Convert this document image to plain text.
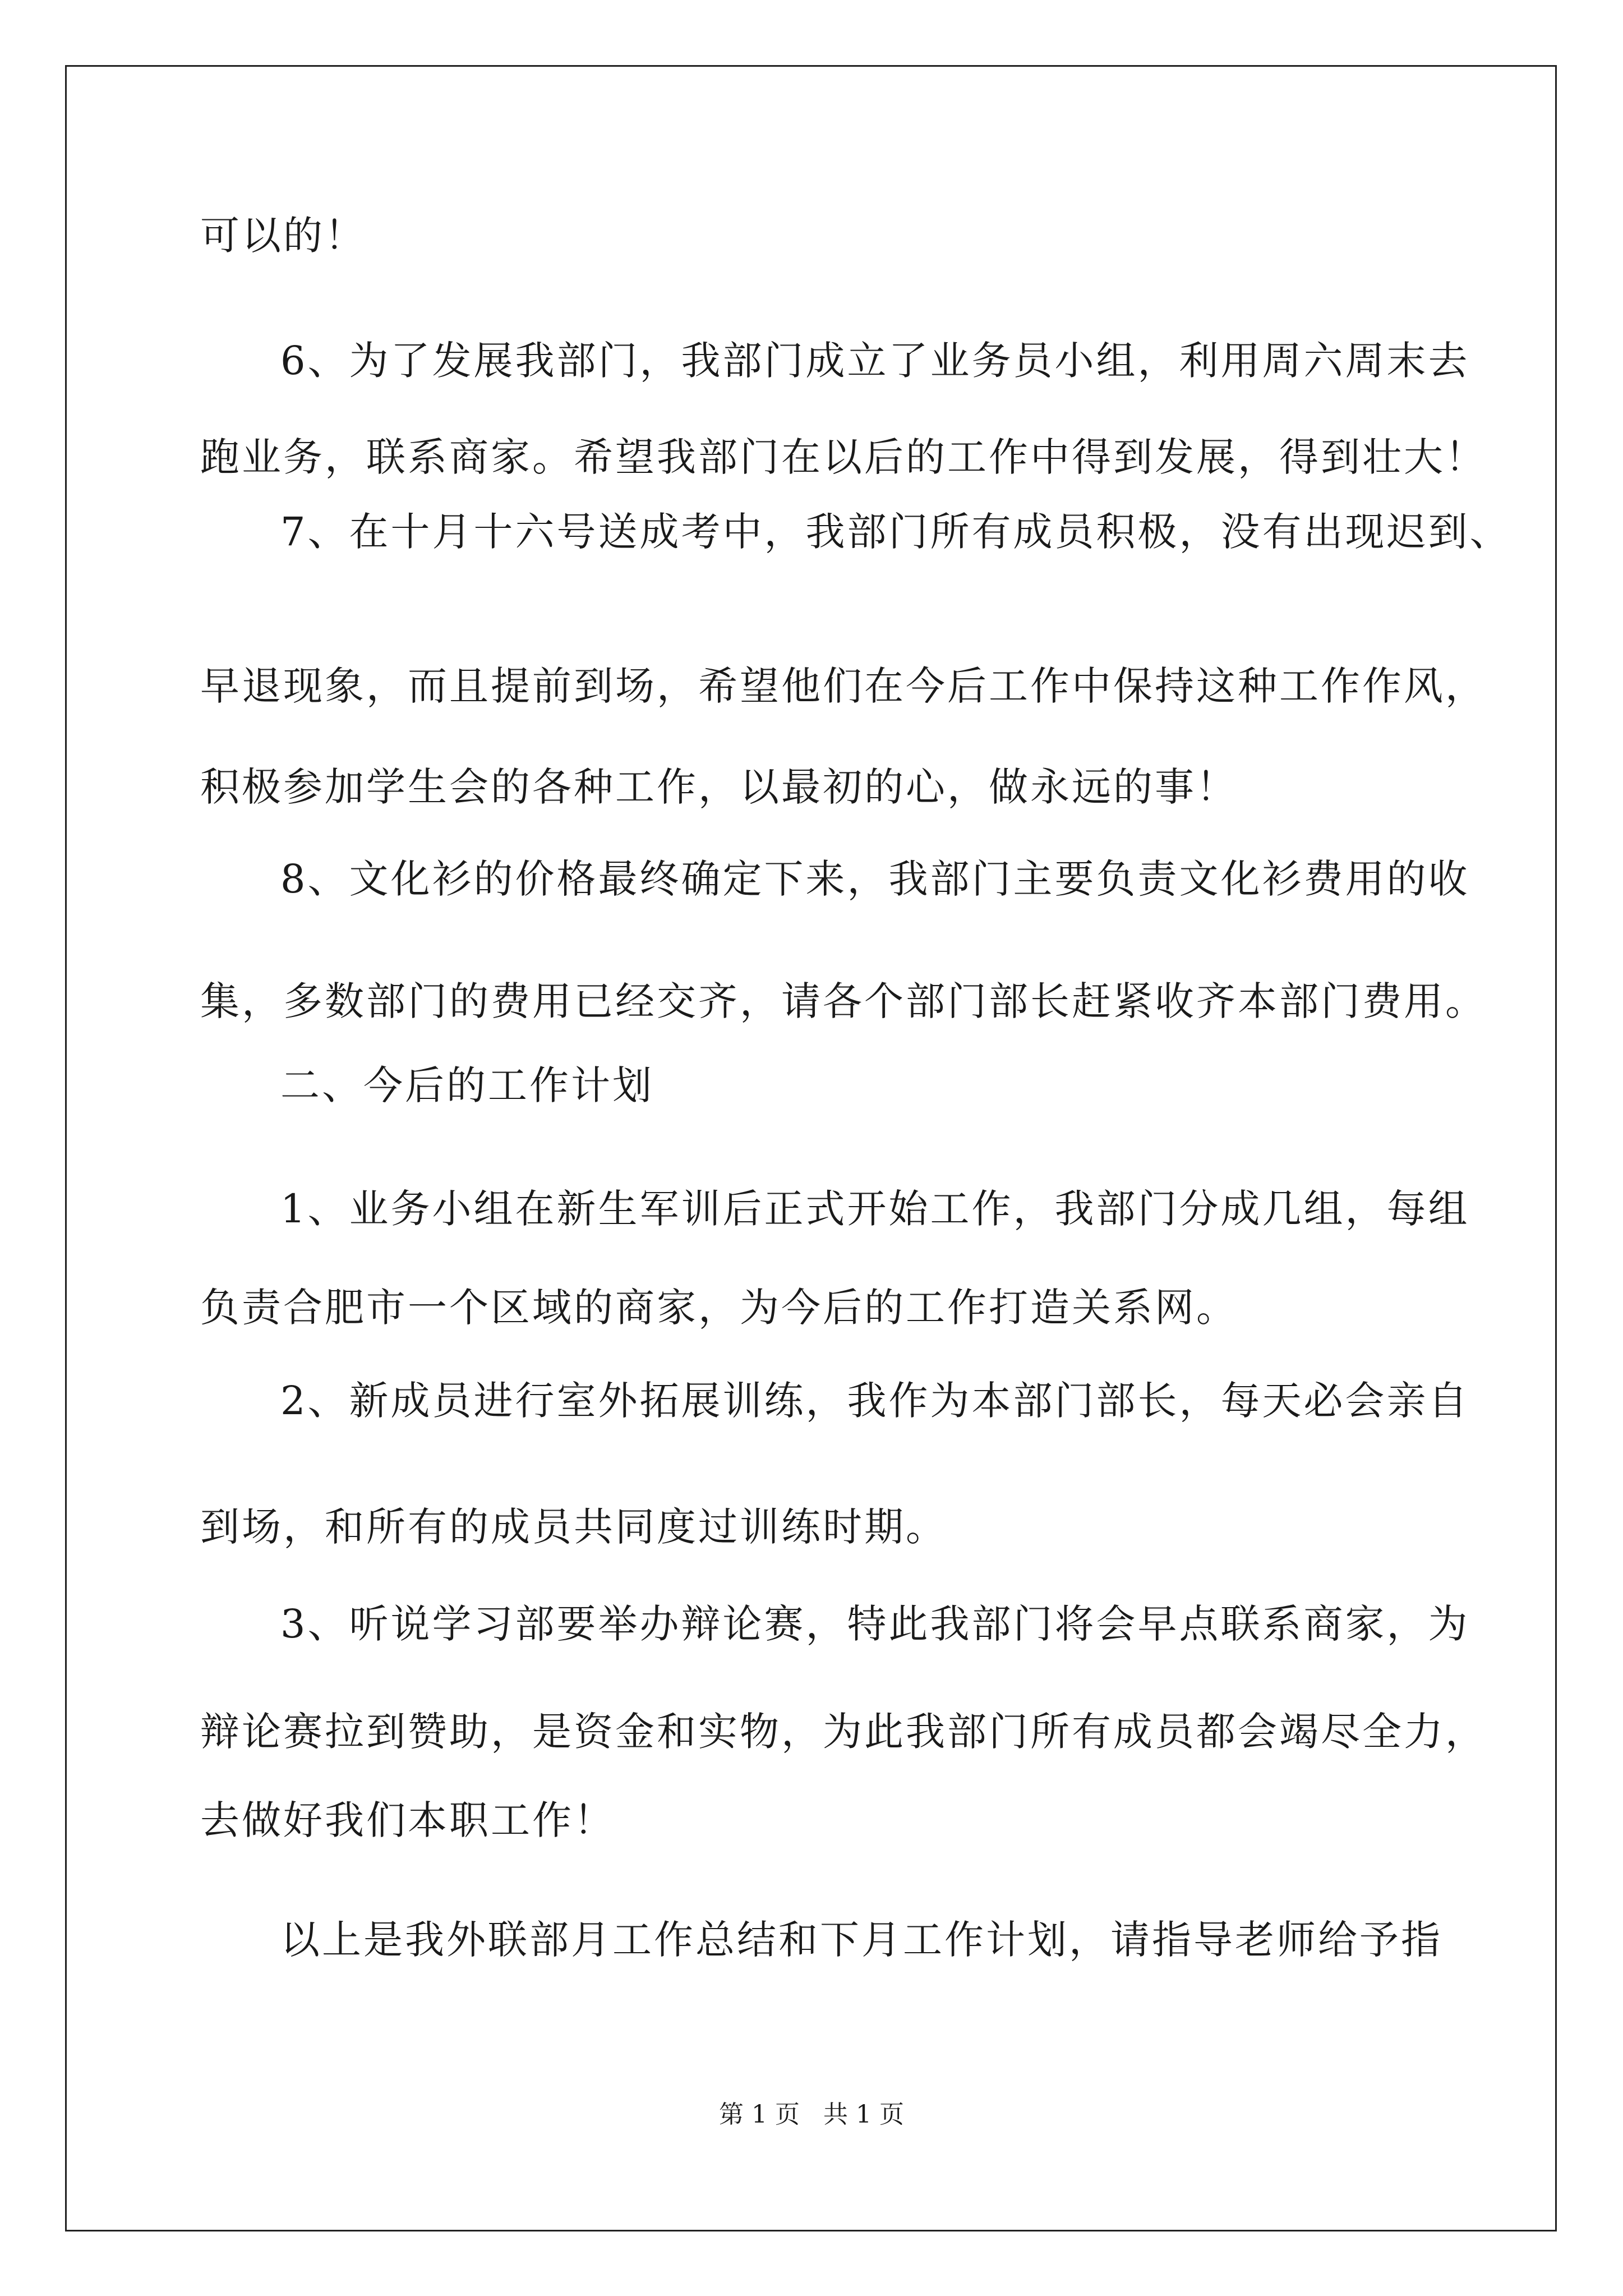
可以的！
6、为了发展我部门，我部门成立了业务员小组，利用周六周末去
跑业务，联系商家。希望我部门在以后的工作中得到发展，得到壮大！
7、在十月十六号送成考中，我部门所有成员积极，没有出现迟到、
早退现象，而且提前到场，希望他们在今后工作中保持这种工作作风，
积极参加学生会的各种工作，以最初的心，做永远的事！
8、文化衫的价格最终确定下来，我部门主要负责文化衫费用的收
集，多数部门的费用已经交齐，请各个部门部长赶紧收齐本部门费用。
二、今后的工作计划
1、业务小组在新生军训后正式开始工作，我部门分成几组，每组
负责合肥市一个区域的商家，为今后的工作打造关系网。
2、新成员进行室外拓展训练，我作为本部门部长，每天必会亲自
到场，和所有的成员共同度过训练时期。
3、听说学习部要举办辩论赛，特此我部门将会早点联系商家，为
辩论赛拉到赞助，是资金和实物，为此我部门所有成员都会竭尽全力，
去做好我们本职工作！
以上是我外联部月工作总结和下月工作计划，请指导老师给予指
第 1 页   共 1 页
